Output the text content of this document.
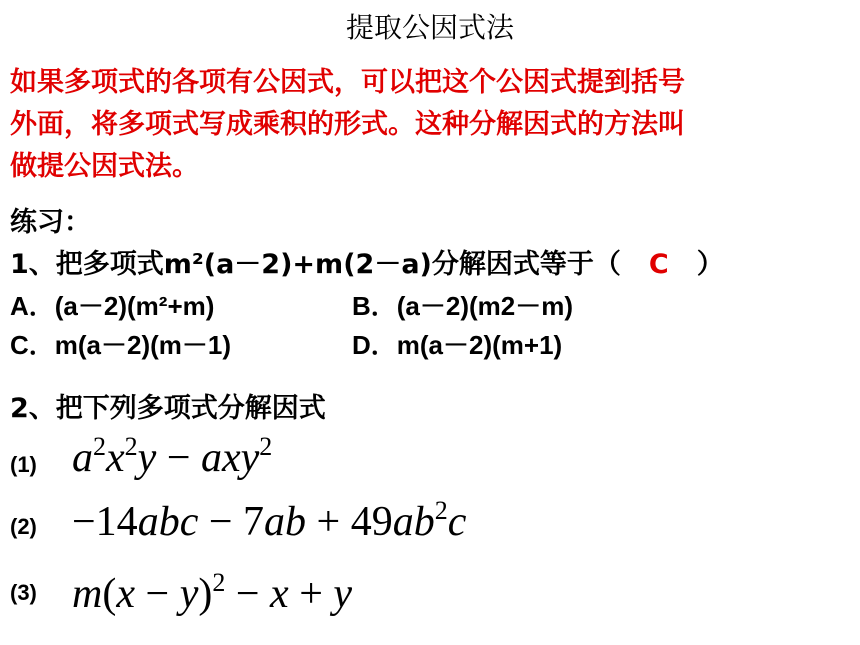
提取公因式法
如果多项式的各项有公因式，可以把这个公因式提到括号
外面，将多项式写成乘积的形式。这种分解因式的方法叫
做提公因式法。
练习：
1、把多项式m²(a－2)+m(2－a)分解因式等于（ C ）
A．(a－2)(m²+m)	B．(a－2)(m2－m)
C．m(a－2)(m－1)	D．m(a－2)(m+1)
2、把下列多项式分解因式
(1) $a^2x^2y - axy^2$
$(2) -14abc - 7ab + 49ab^2c$
(3) $m(x - y)^2 - x + y$
